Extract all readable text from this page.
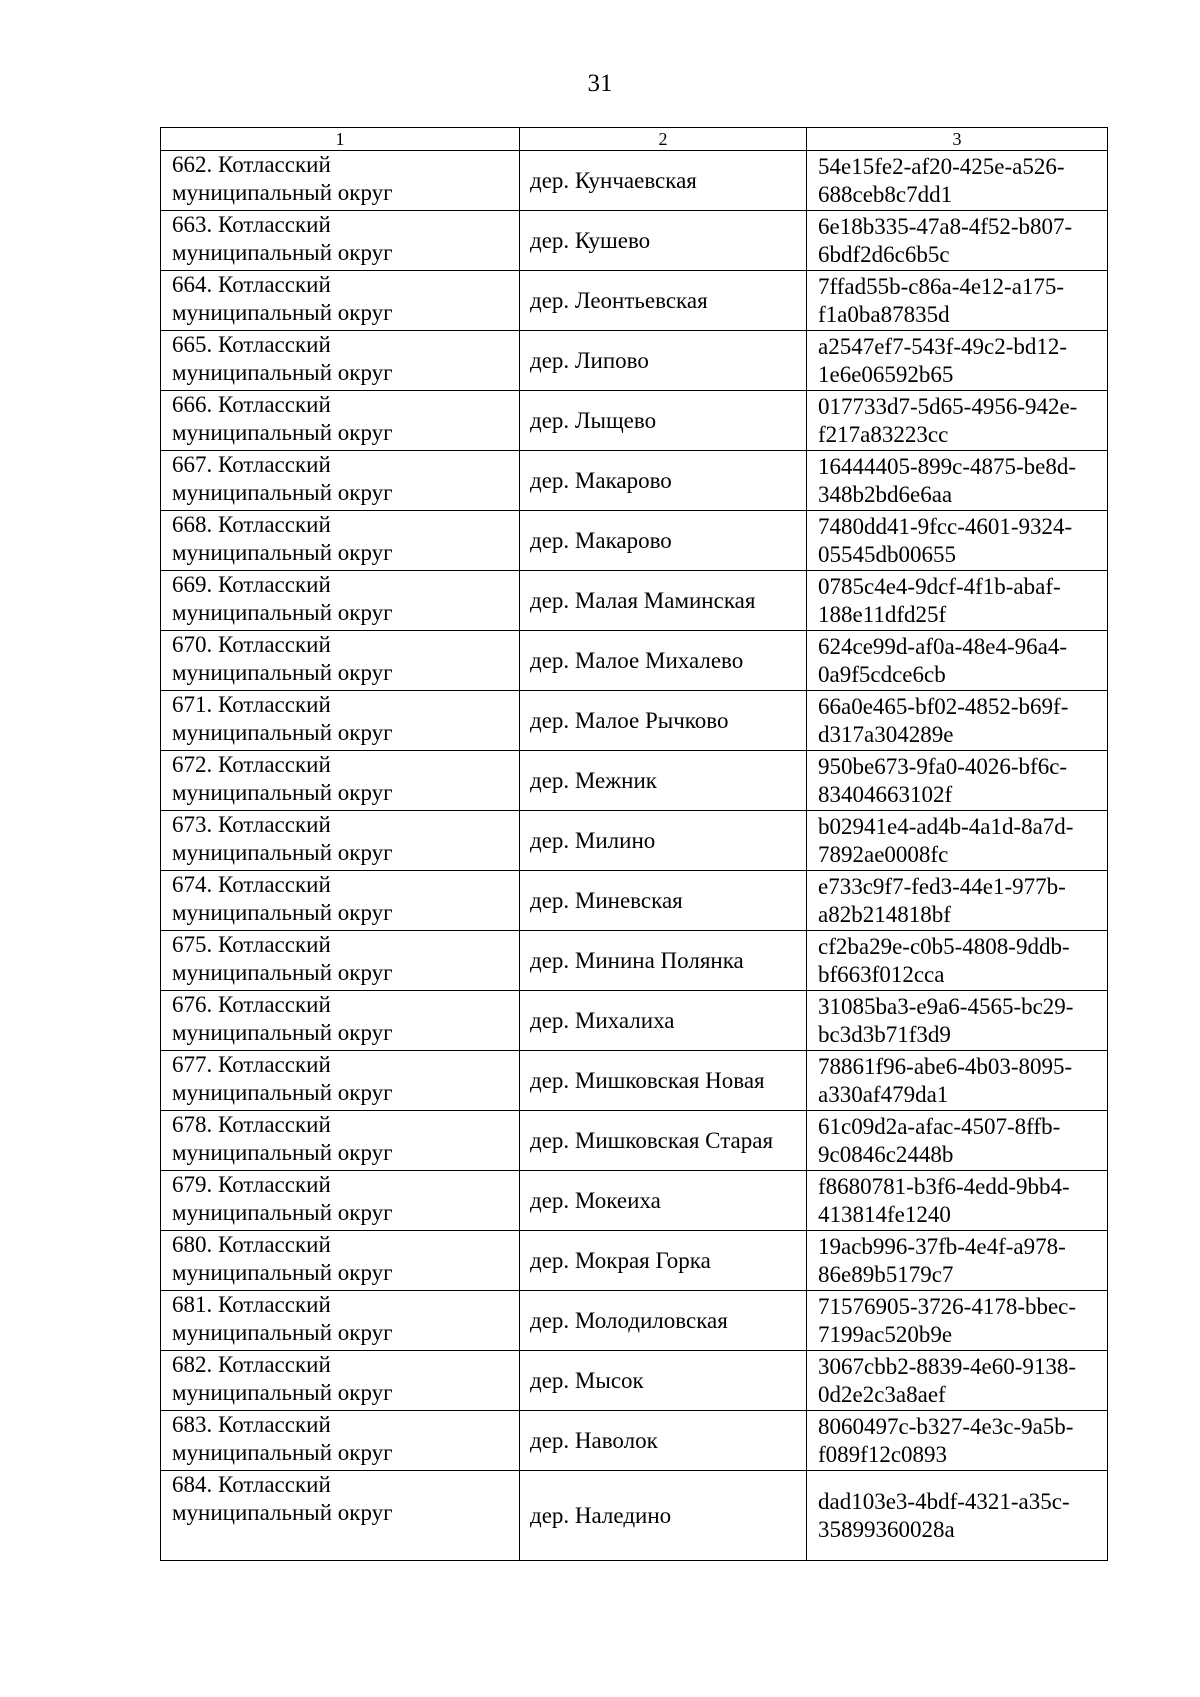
31
1	2	3

662. Котласский
муниципальный округ	дер. Кунчаевская	54e15fe2-af20-425e-a526-
688ceb8c7dd1

663. Котласский
муниципальный округ	дер. Кушево	6e18b335-47a8-4f52-b807-
6bdf2d6c6b5c

664. Котласский
муниципальный округ	дер. Леонтьевская	7ffad55b-c86a-4e12-a175-
f1a0ba87835d

665. Котласский
муниципальный округ	дер. Липово	a2547ef7-543f-49c2-bd12-
1e6e06592b65

666. Котласский
муниципальный округ	дер. Лыщево	017733d7-5d65-4956-942e-
f217a83223cc

667. Котласский
муниципальный округ	дер. Макарово	16444405-899c-4875-be8d-
348b2bd6e6aa

668. Котласский
муниципальный округ	дер. Макарово	7480dd41-9fcc-4601-9324-
05545db00655

669. Котласский
муниципальный округ	дер. Малая Маминская	0785c4e4-9dcf-4f1b-abaf-
188e11dfd25f

670. Котласский
муниципальный округ	дер. Малое Михалево	624ce99d-af0a-48e4-96a4-
0a9f5cdce6cb

671. Котласский
муниципальный округ	дер. Малое Рычково	66a0e465-bf02-4852-b69f-
d317a304289e

672. Котласский
муниципальный округ	дер. Межник	950be673-9fa0-4026-bf6c-
83404663102f

673. Котласский
муниципальный округ	дер. Милино	b02941e4-ad4b-4a1d-8a7d-
7892ae0008fc

674. Котласский
муниципальный округ	дер. Миневская	e733c9f7-fed3-44e1-977b-
a82b214818bf

675. Котласский
муниципальный округ	дер. Минина Полянка	cf2ba29e-c0b5-4808-9ddb-
bf663f012cca

676. Котласский
муниципальный округ	дер. Михалиха	31085ba3-e9a6-4565-bc29-
bc3d3b71f3d9

677. Котласский
муниципальный округ	дер. Мишковская Новая	78861f96-abe6-4b03-8095-
a330af479da1

678. Котласский
муниципальный округ	дер. Мишковская Старая	61c09d2a-afac-4507-8ffb-
9c0846c2448b

679. Котласский
муниципальный округ	дер. Мокеиха	f8680781-b3f6-4edd-9bb4-
413814fe1240

680. Котласский
муниципальный округ	дер. Мокрая Горка	19acb996-37fb-4e4f-a978-
86e89b5179c7

681. Котласский
муниципальный округ	дер. Молодиловская	71576905-3726-4178-bbec-
7199ac520b9e

682. Котласский
муниципальный округ	дер. Мысок	3067cbb2-8839-4e60-9138-
0d2e2c3a8aef

683. Котласский
муниципальный округ	дер. Наволок	8060497c-b327-4e3c-9a5b-
f089f12c0893

684. Котласский
муниципальный округ	дер. Наледино	dad103e3-4bdf-4321-a35c-
35899360028a
